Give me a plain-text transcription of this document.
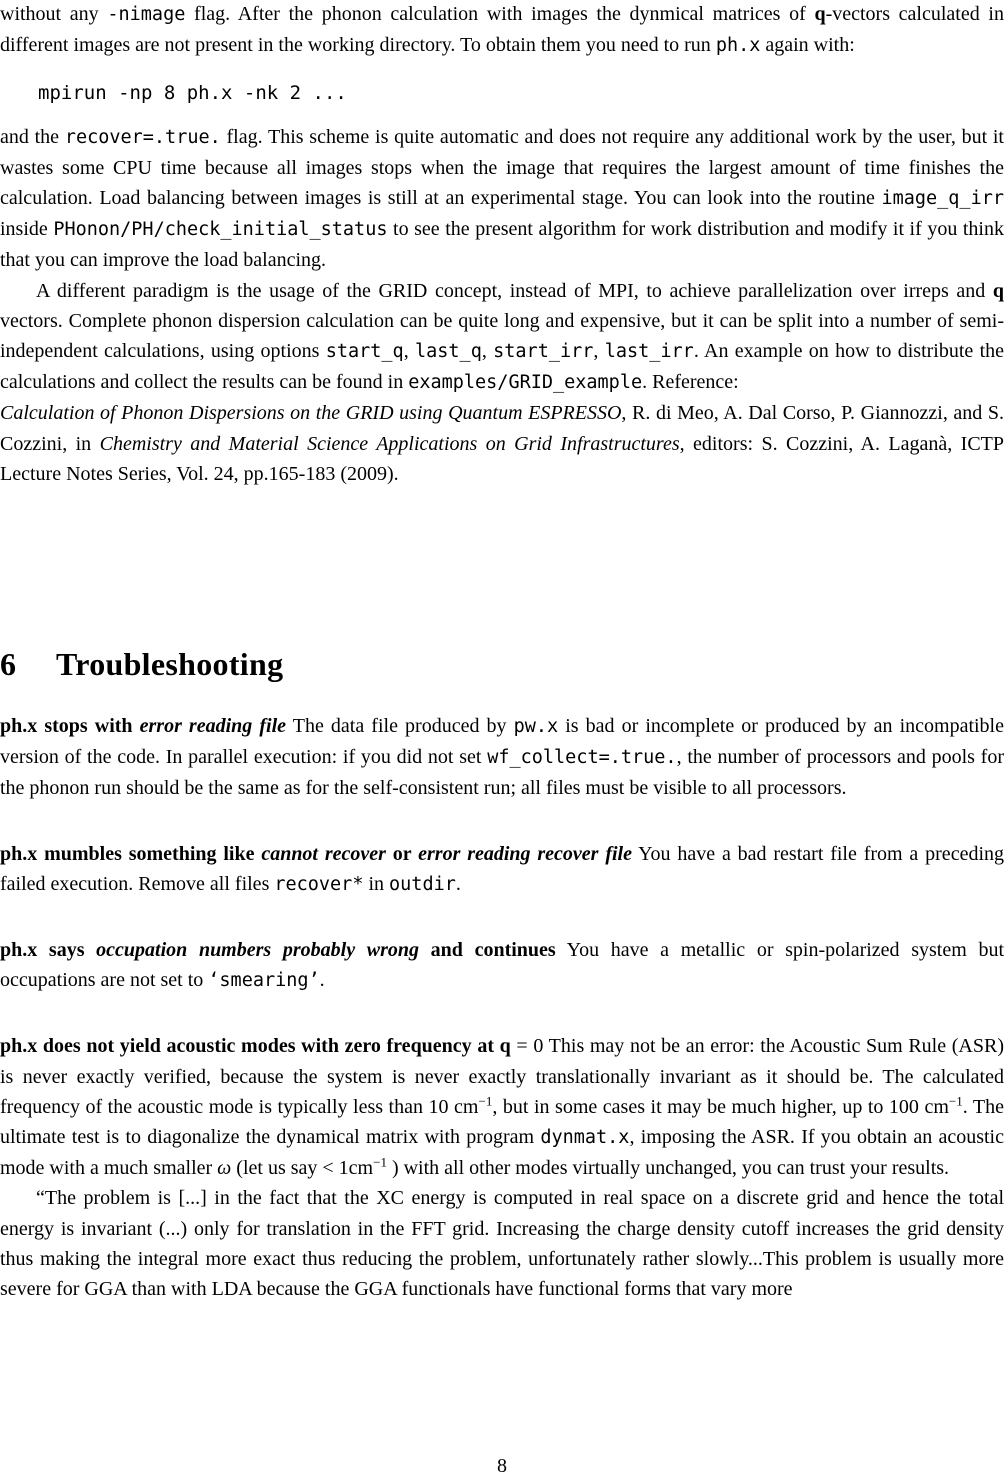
without any -nimage flag. After the phonon calculation with images the dynmical matrices of q-vectors calculated in different images are not present in the working directory. To obtain them you need to run ph.x again with:

mpirun -np 8 ph.x -nk 2 ...

and the recover=.true. flag. This scheme is quite automatic and does not require any additional work by the user, but it wastes some CPU time because all images stops when the image that requires the largest amount of time finishes the calculation. Load balancing between images is still at an experimental stage. You can look into the routine image_q_irr inside PHonon/PH/check_initial_status to see the present algorithm for work distribution and modify it if you think that you can improve the load balancing.

A different paradigm is the usage of the GRID concept, instead of MPI, to achieve parallelization over irreps and q vectors. Complete phonon dispersion calculation can be quite long and expensive, but it can be split into a number of semi-independent calculations, using options start_q, last_q, start_irr, last_irr. An example on how to distribute the calculations and collect the results can be found in examples/GRID_example. Reference:

Calculation of Phonon Dispersions on the GRID using Quantum ESPRESSO, R. di Meo, A. Dal Corso, P. Giannozzi, and S. Cozzini, in Chemistry and Material Science Applications on Grid Infrastructures, editors: S. Cozzini, A. Laganà, ICTP Lecture Notes Series, Vol. 24, pp.165-183 (2009).

6 Troubleshooting

ph.x stops with error reading file The data file produced by pw.x is bad or incomplete or produced by an incompatible version of the code. In parallel execution: if you did not set wf_collect=.true., the number of processors and pools for the phonon run should be the same as for the self-consistent run; all files must be visible to all processors.

ph.x mumbles something like cannot recover or error reading recover file You have a bad restart file from a preceding failed execution. Remove all files recover* in outdir.

ph.x says occupation numbers probably wrong and continues You have a metallic or spin-polarized system but occupations are not set to ‘smearing’.

ph.x does not yield acoustic modes with zero frequency at q = 0 This may not be an error: the Acoustic Sum Rule (ASR) is never exactly verified, because the system is never exactly translationally invariant as it should be. The calculated frequency of the acoustic mode is typically less than 10 $cm^{-1}$, but in some cases it may be much higher, up to 100 $cm^{-1}$. The ultimate test is to diagonalize the dynamical matrix with program dynmat.x, imposing the ASR. If you obtain an acoustic mode with a much smaller ω (let us say < $1cm^{-1}$ ) with all other modes virtually unchanged, you can trust your results.

“The problem is [...] in the fact that the XC energy is computed in real space on a discrete grid and hence the total energy is invariant (...) only for translation in the FFT grid. Increasing the charge density cutoff increases the grid density thus making the integral more exact thus reducing the problem, unfortunately rather slowly...This problem is usually more severe for GGA than with LDA because the GGA functionals have functional forms that vary more

8
